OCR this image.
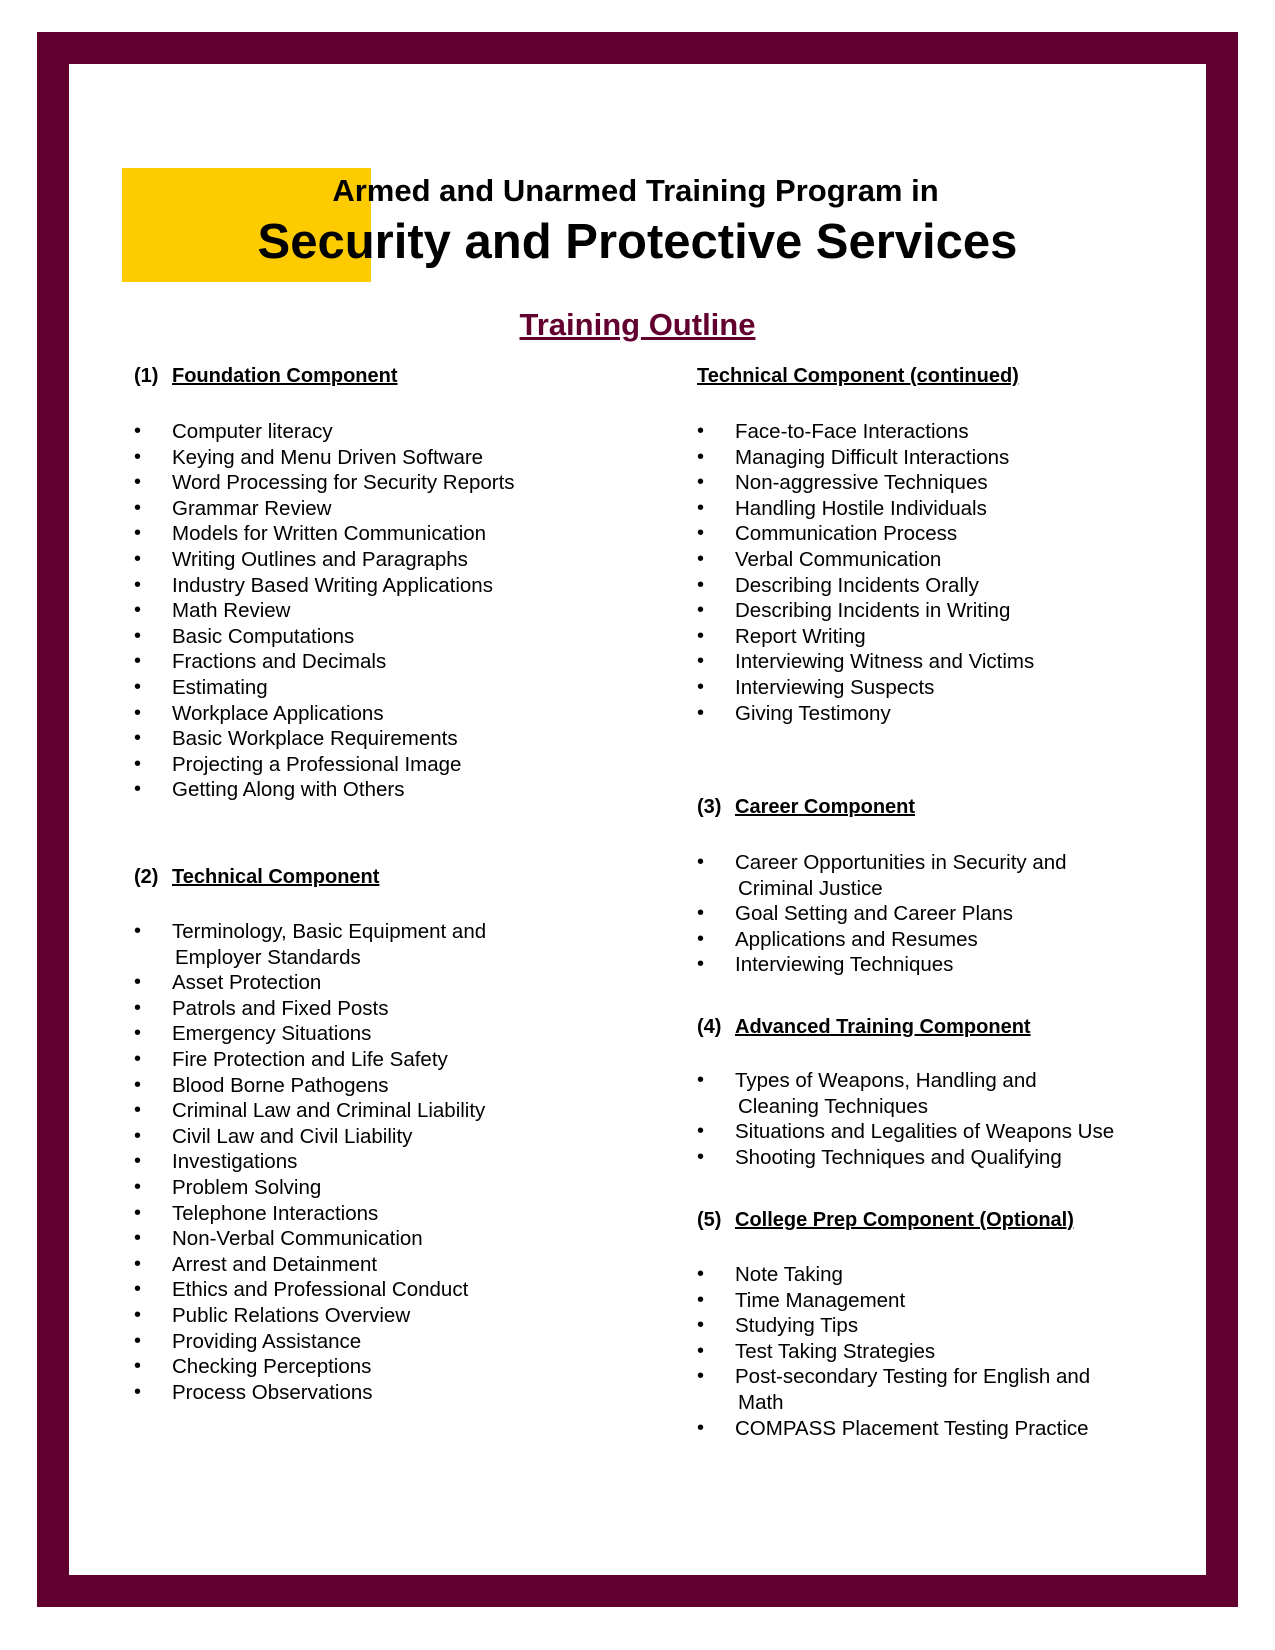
Armed and Unarmed Training Program in
Security and Protective Services
Training Outline
(1) Foundation Component
• Computer literacy
• Keying and Menu Driven Software
• Word Processing for Security Reports
• Grammar Review
• Models for Written Communication
• Writing Outlines and Paragraphs
• Industry Based Writing Applications
• Math Review
• Basic Computations
• Fractions and Decimals
• Estimating
• Workplace Applications
• Basic Workplace Requirements
• Projecting a Professional Image
• Getting Along with Others
(2) Technical Component
• Terminology, Basic Equipment and
Employer Standards
• Asset Protection
• Patrols and Fixed Posts
• Emergency Situations
• Fire Protection and Life Safety
• Blood Borne Pathogens
• Criminal Law and Criminal Liability
• Civil Law and Civil Liability
• Investigations
• Problem Solving
• Telephone Interactions
• Non-Verbal Communication
• Arrest and Detainment
• Ethics and Professional Conduct
• Public Relations Overview
• Providing Assistance
• Checking Perceptions
• Process Observations
Technical Component (continued)
• Face-to-Face Interactions
• Managing Difficult Interactions
• Non-aggressive Techniques
• Handling Hostile Individuals
• Communication Process
• Verbal Communication
• Describing Incidents Orally
• Describing Incidents in Writing
• Report Writing
• Interviewing Witness and Victims
• Interviewing Suspects
• Giving Testimony
(3) Career Component
• Career Opportunities in Security and
Criminal Justice
• Goal Setting and Career Plans
• Applications and Resumes
• Interviewing Techniques
(4) Advanced Training Component
• Types of Weapons, Handling and
Cleaning Techniques
• Situations and Legalities of Weapons Use
• Shooting Techniques and Qualifying
(5) College Prep Component (Optional)
• Note Taking
• Time Management
• Studying Tips
• Test Taking Strategies
• Post-secondary Testing for English and
Math
• COMPASS Placement Testing Practice
